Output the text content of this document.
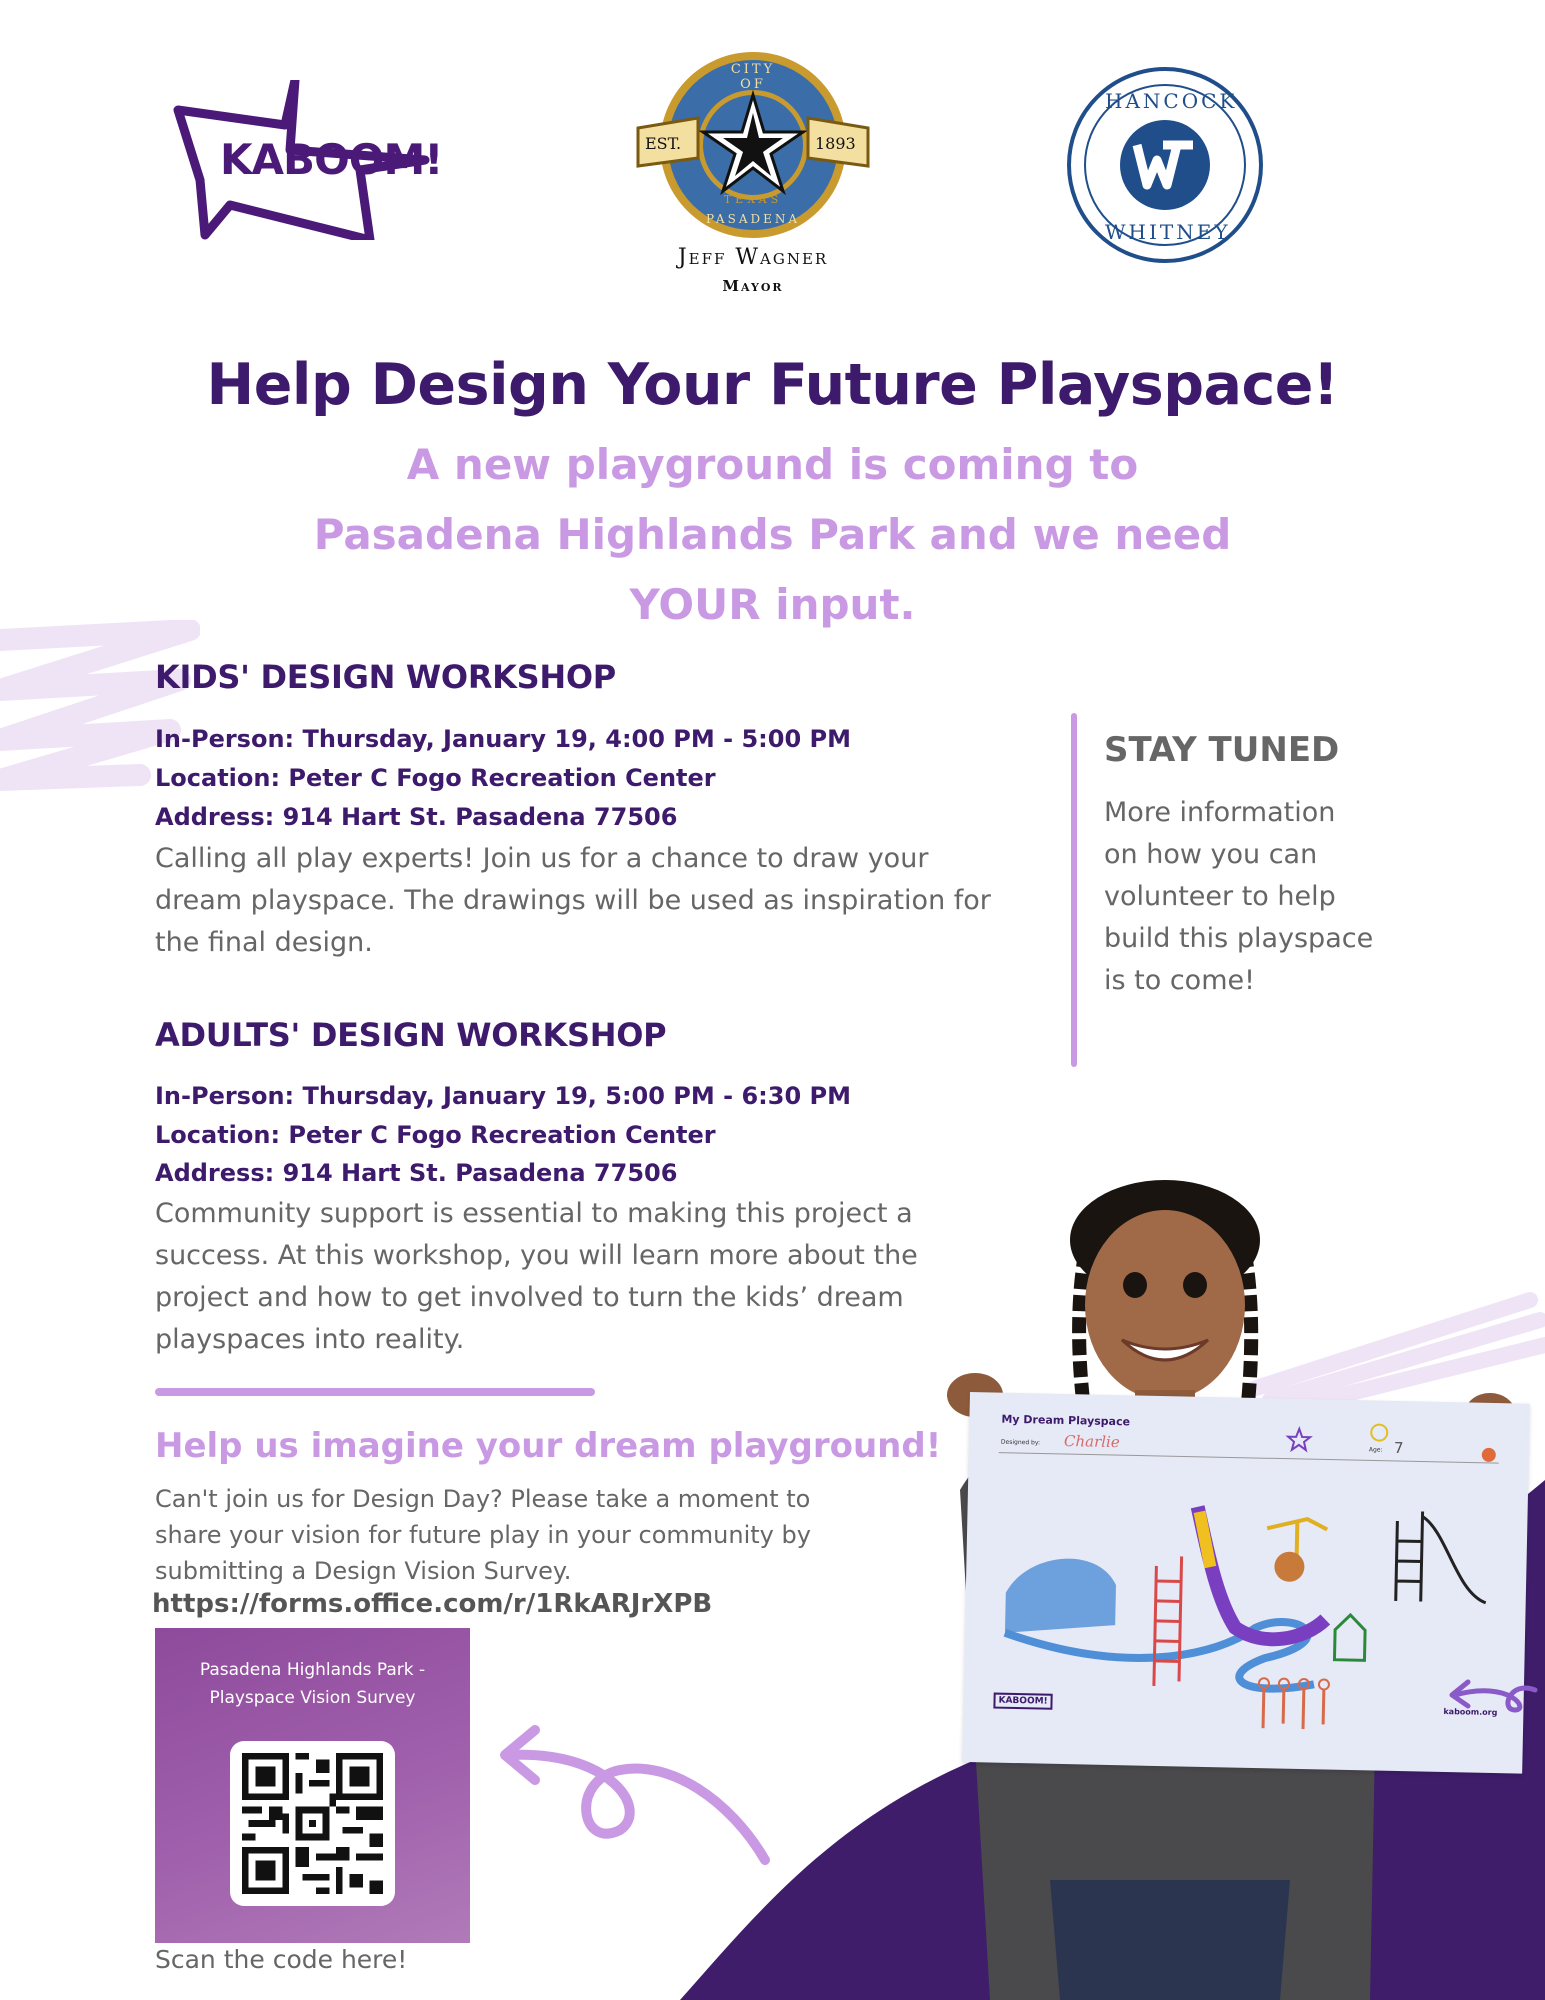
KABOOM!
CITY OF
PASADENA
TEXAS
EST.	1893
Jeff Wagner
Mayor
HANCOCK
WHITNEY
Help Design Your Future Playspace!
A new playground is coming to Pasadena Highlands Park and we need YOUR input.
KIDS' DESIGN WORKSHOP
In-Person: Thursday, January 19, 4:00 PM - 5:00 PM
Location: Peter C Fogo Recreation Center
Address: 914 Hart St. Pasadena 77506
Calling all play experts! Join us for a chance to draw your dream playspace. The drawings will be used as inspiration for the final design.
STAY TUNED
More information on how you can volunteer to help build this playspace is to come!
ADULTS' DESIGN WORKSHOP
In-Person: Thursday, January 19, 5:00 PM - 6:30 PM
Location: Peter C Fogo Recreation Center
Address: 914 Hart St. Pasadena 77506
Community support is essential to making this project a success. At this workshop, you will learn more about the project and how to get involved to turn the kids’ dream playspaces into reality.
Help us imagine your dream playground!
Can't join us for Design Day? Please take a moment to share your vision for future play in your community by submitting a Design Vision Survey.
https://forms.office.com/r/1RkARJrXPB
Pasadena Highlands Park - Playspace Vision Survey
Scan the code here!
My Dream Playspace
Designed by: Charlie	Age: 7
KABOOM!
kaboom.org
